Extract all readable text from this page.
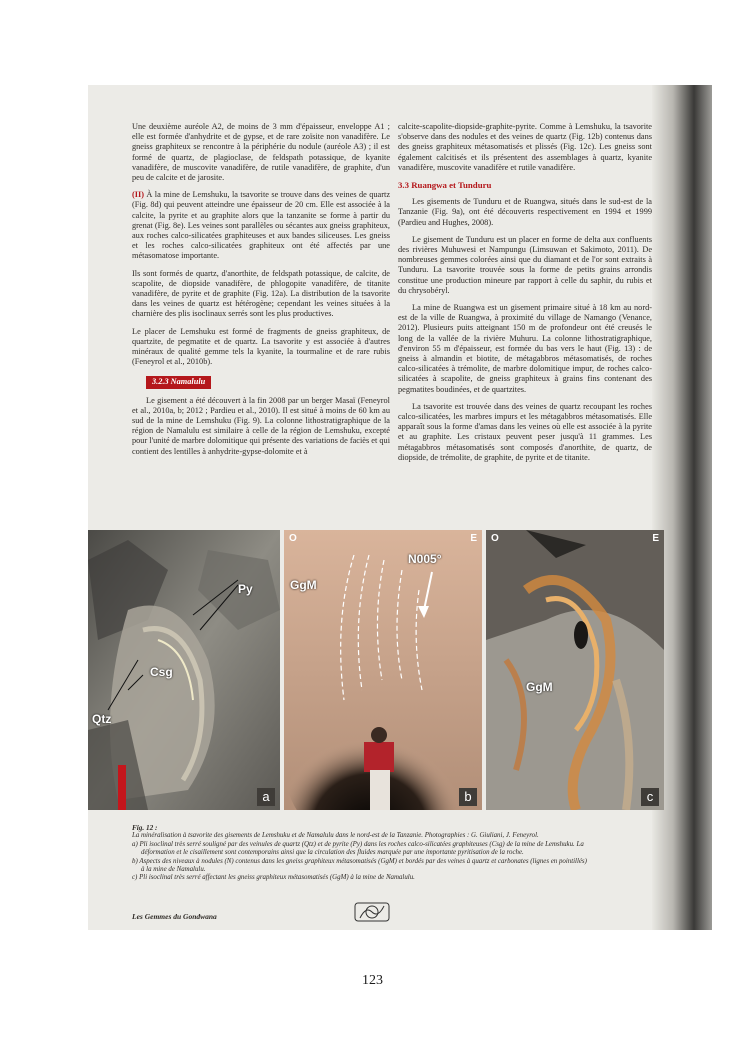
Une deuxième auréole A2, de moins de 3 mm d'épaisseur, enveloppe A1 ; elle est formée d'anhydrite et de gypse, et de rare zoïsite non vanadifère. Le gneiss graphiteux se rencontre à la périphérie du nodule (auréole A3) ; il est formé de quartz, de plagioclase, de feldspath potassique, de kyanite vanadifère, de muscovite vanadifère, de rutile vanadifère, de graphite, d'un peu de calcite et de jarosite.

(II) À la mine de Lemshuku, la tsavorite se trouve dans des veines de quartz (Fig. 8d) qui peuvent atteindre une épaisseur de 20 cm. Elle est associée à la calcite, la pyrite et au graphite alors que la tanzanite se forme à partir du grenat (Fig. 8e). Les veines sont parallèles ou sécantes aux gneiss graphiteux, aux roches calco-silicatées graphiteuses et aux bandes siliceuses. Les gneiss et les roches calco-silicatées graphiteux ont été affectés par une métasomatose importante.

Ils sont formés de quartz, d'anorthite, de feldspath potassique, de calcite, de scapolite, de diopside vanadifère, de phlogopite vanadifère, de titanite vanadifère, de pyrite et de graphite (Fig. 12a). La distribution de la tsavorite dans les veines de quartz est hétérogène; cependant les veines situées à la charnière des plis isoclinaux serrés sont les plus productives.

Le placer de Lemshuku est formé de fragments de gneiss graphiteux, de quartzite, de pegmatite et de quartz. La tsavorite y est associée à d'autres minéraux de qualité gemme tels la kyanite, la tourmaline et de rare rubis (Feneyrol et al., 2010b).

3.2.3 Namalulu

Le gisement a été découvert à la fin 2008 par un berger Masaï (Feneyrol et al., 2010a, b; 2012 ; Pardieu et al., 2010). Il est situé à moins de 60 km au sud de la mine de Lemshuku (Fig. 9). La colonne lithostratigraphique de la région de Namalulu est similaire à celle de la région de Lemshuku, excepté pour l'unité de marbre dolomitique qui présente des variations de faciès et qui contient des lentilles à anhydrite-gypse-dolomite et à

calcite-scapolite-diopside-graphite-pyrite. Comme à Lemshuku, la tsavorite s'observe dans des nodules et des veines de quartz (Fig. 12b) contenus dans des gneiss graphiteux métasomatisés et plissés (Fig. 12c). Les gneiss sont également calcitisés et ils présentent des assemblages à quartz, kyanite vanadifère, muscovite vanadifère et rutile vanadifère.

3.3 Ruangwa et Tunduru

Les gisements de Tunduru et de Ruangwa, situés dans le sud-est de la Tanzanie (Fig. 9a), ont été découverts respectivement en 1994 et 1999 (Pardieu and Hughes, 2008).

Le gisement de Tunduru est un placer en forme de delta aux confluents des rivières Muhuwesi et Nampungu (Limsuwan et Sakimoto, 2011). De nombreuses gemmes colorées ainsi que du diamant et de l'or sont extraits à Tunduru. La tsavorite trouvée sous la forme de petits grains arrondis constitue une production mineure par rapport à celle du saphir, du rubis et du chrysobéryl.

La mine de Ruangwa est un gisement primaire situé à 18 km au nord-est de la ville de Ruangwa, à proximité du village de Namango (Venance, 2012). Plusieurs puits atteignant 150 m de profondeur ont été creusés le long de la vallée de la rivière Muhuru. La colonne lithostratigraphique, d'environ 55 m d'épaisseur, est formée du bas vers le haut (Fig. 13) : de gneiss à almandin et biotite, de métagabbros métasomatisés, de roches calco-silicatées à trémolite, de marbre dolomitique impur, de roches calco-silicatées à scapolite, de gneiss graphiteux à grains fins contenant des pegmatites boudinées, et de quartzites.

La tsavorite est trouvée dans des veines de quartz recoupant les roches calco-silicatées, les marbres impurs et les métagabbros métasomatisés. Elle apparaît sous la forme d'amas dans les veines où elle est associée à la pyrite et au graphite. Les cristaux peuvent peser jusqu'à 11 grammes. Les métagabbros métasomatisés sont composés d'anorthite, de quartz, de diopside, de trémolite, de graphite, de pyrite et de titanite.

Py
Csg
Qtz
a
O	E
GgM
N005°
b
O	E
GgM
c

Fig. 12 :

La minéralisation à tsavorite des gisements de Lemshuku et de Namalulu dans le nord-est de la Tanzanie. Photographies : G. Giuliani, J. Feneyrol.

a) Pli isoclinal très serré souligné par des veinules de quartz (Qtz) et de pyrite (Py) dans les roches calco-silicatées graphiteuses (Csg) de la mine de Lemshuku. La

déformation et le cisaillement sont contemporains ainsi que la circulation des fluides marquée par une importante pyritisation de la roche.

b) Aspects des niveaux à nodules (N) contenus dans les gneiss graphiteux métasomatisés (GgM) et bordés par des veines à quartz et carbonates (lignes en pointillés)

à la mine de Namalulu.

c) Pli isoclinal très serré affectant les gneiss graphiteux métasomatisés (GgM) à la mine de Namalulu.

Les Gemmes du Gondwana
123
